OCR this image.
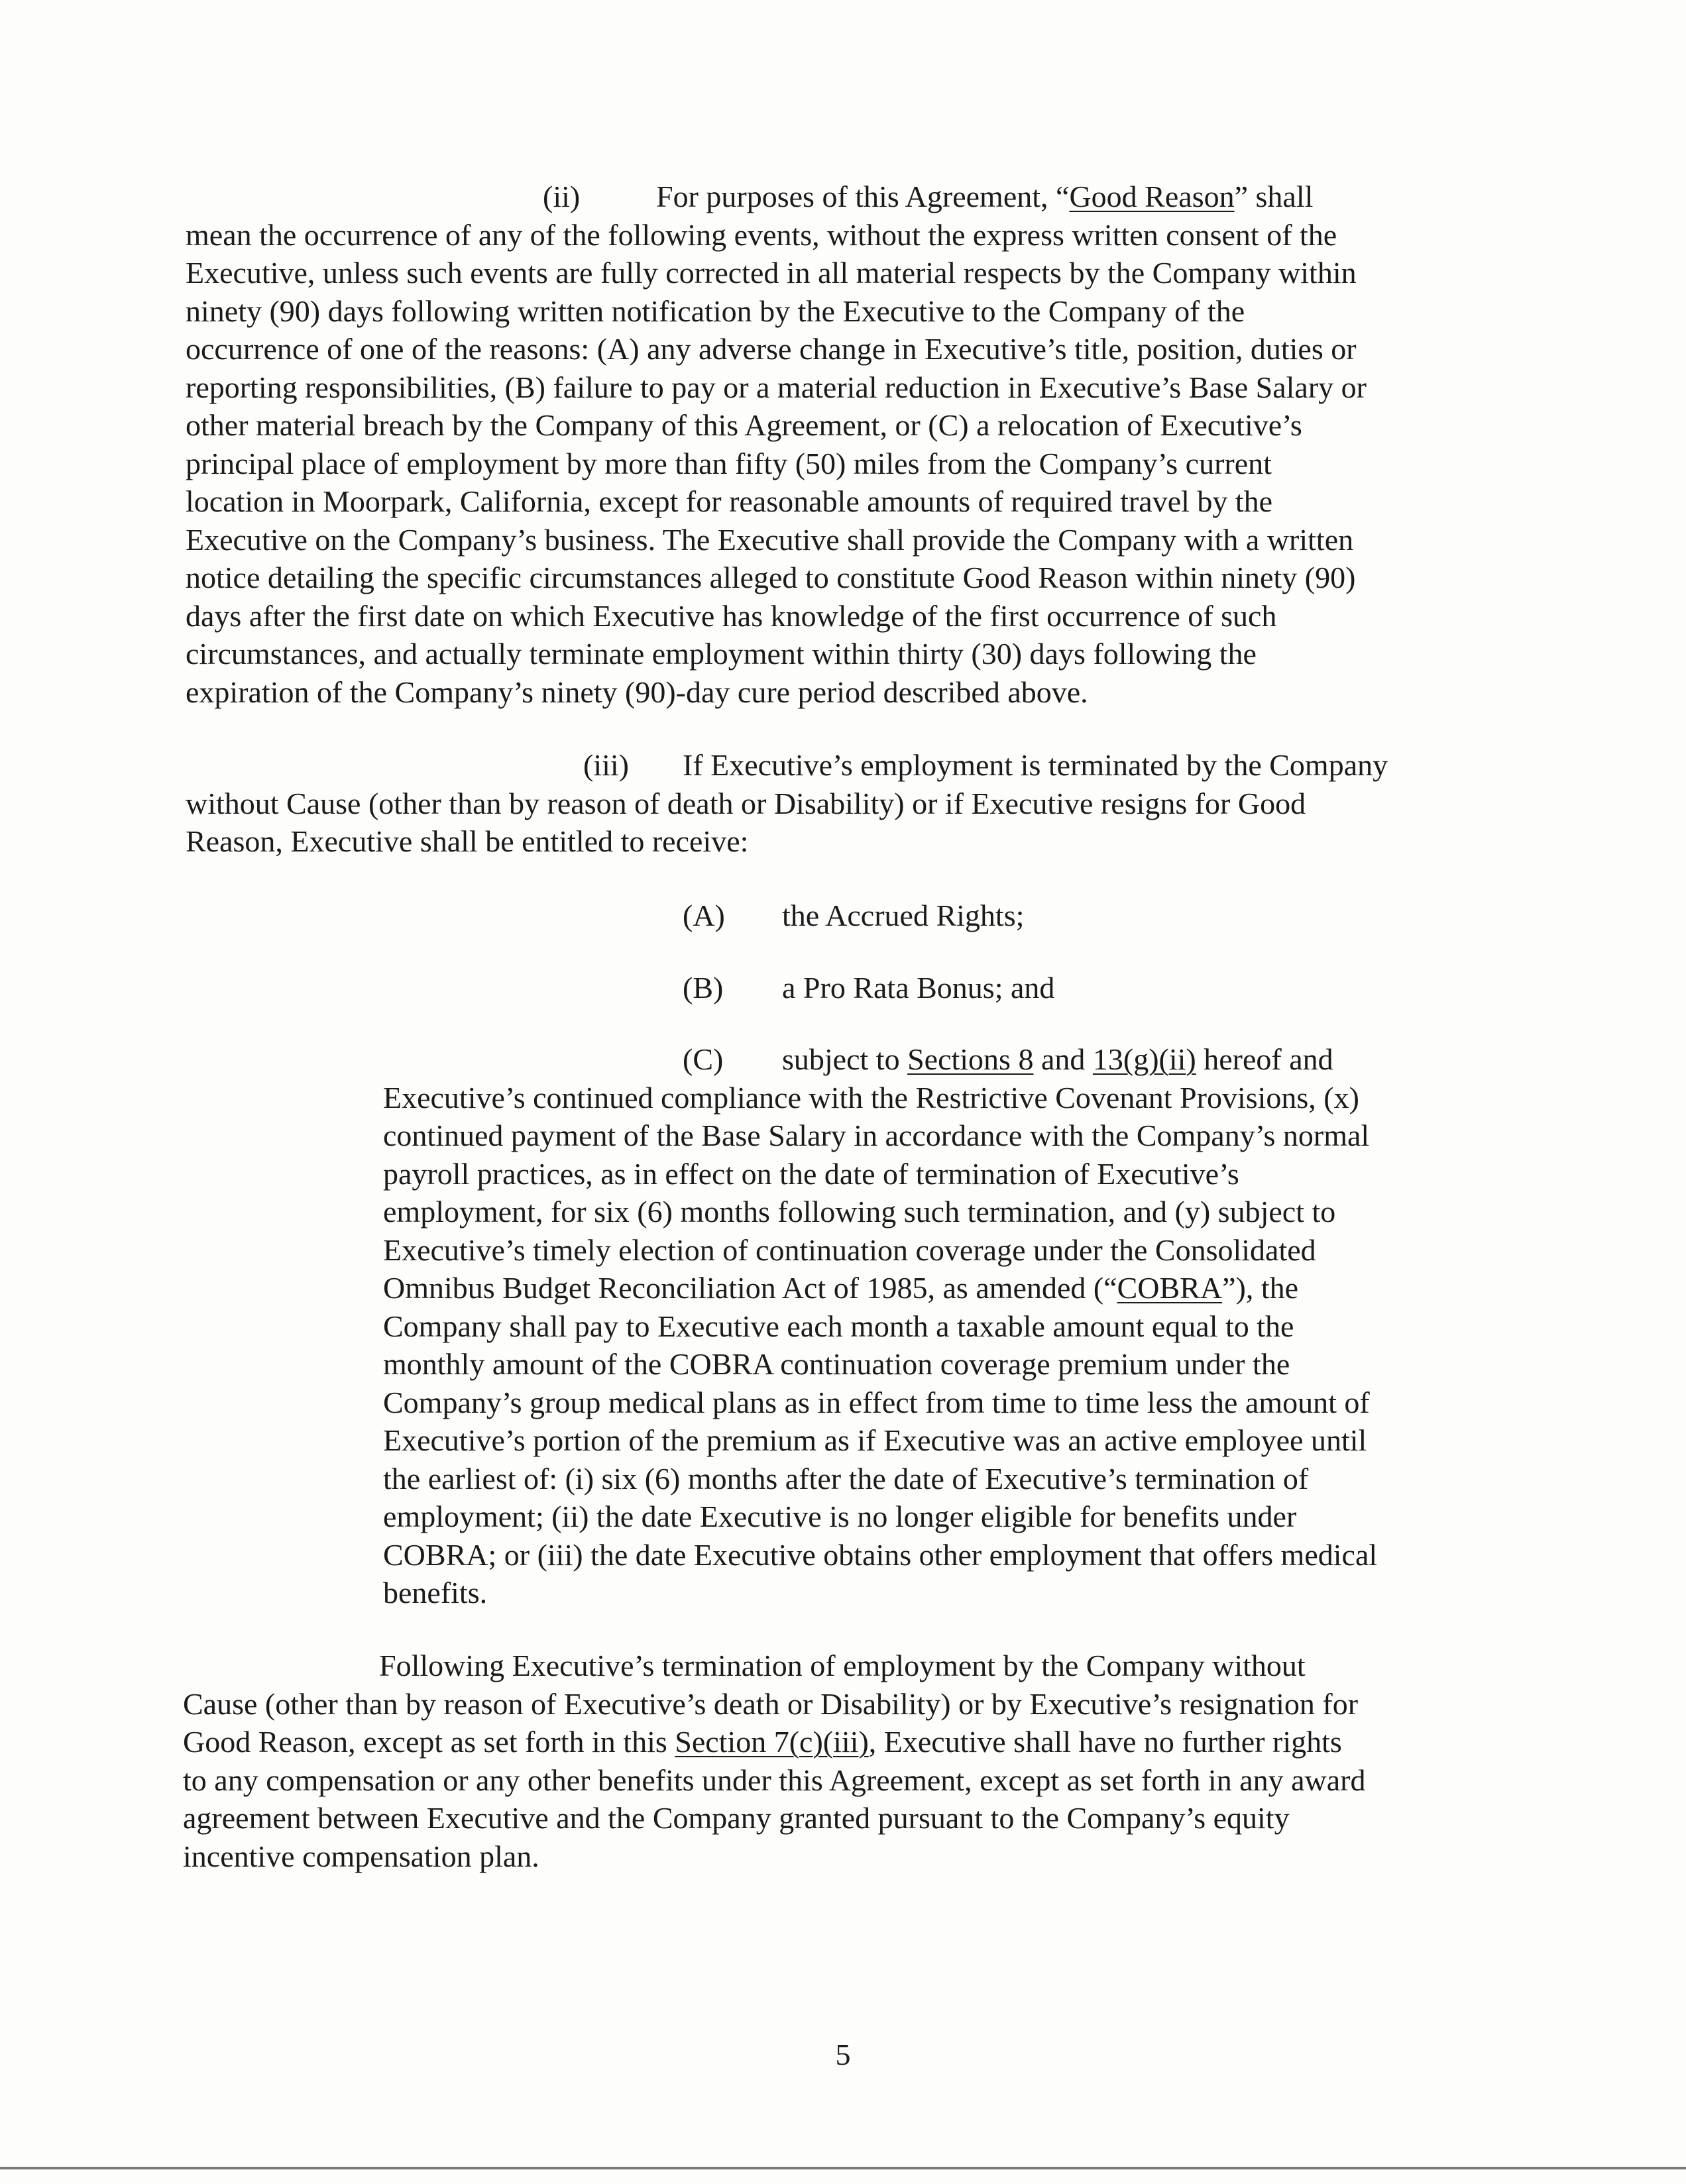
(ii) For purposes of this Agreement, “Good Reason” shall
mean the occurrence of any of the following events, without the express written consent of the
Executive, unless such events are fully corrected in all material respects by the Company within
ninety (90) days following written notification by the Executive to the Company of the
occurrence of one of the reasons: (A) any adverse change in Executive’s title, position, duties or
reporting responsibilities, (B) failure to pay or a material reduction in Executive’s Base Salary or
other material breach by the Company of this Agreement, or (C) a relocation of Executive’s
principal place of employment by more than fifty (50) miles from the Company’s current
location in Moorpark, California, except for reasonable amounts of required travel by the
Executive on the Company’s business. The Executive shall provide the Company with a written
notice detailing the specific circumstances alleged to constitute Good Reason within ninety (90)
days after the first date on which Executive has knowledge of the first occurrence of such
circumstances, and actually terminate employment within thirty (30) days following the
expiration of the Company’s ninety (90)-day cure period described above.
(iii) If Executive’s employment is terminated by the Company
without Cause (other than by reason of death or Disability) or if Executive resigns for Good
Reason, Executive shall be entitled to receive:
(A) the Accrued Rights;
(B) a Pro Rata Bonus; and
(C) subject to Sections 8 and 13(g)(ii) hereof and
Executive’s continued compliance with the Restrictive Covenant Provisions, (x)
continued payment of the Base Salary in accordance with the Company’s normal
payroll practices, as in effect on the date of termination of Executive’s
employment, for six (6) months following such termination, and (y) subject to
Executive’s timely election of continuation coverage under the Consolidated
Omnibus Budget Reconciliation Act of 1985, as amended (“COBRA”), the
Company shall pay to Executive each month a taxable amount equal to the
monthly amount of the COBRA continuation coverage premium under the
Company’s group medical plans as in effect from time to time less the amount of
Executive’s portion of the premium as if Executive was an active employee until
the earliest of: (i) six (6) months after the date of Executive’s termination of
employment; (ii) the date Executive is no longer eligible for benefits under
COBRA; or (iii) the date Executive obtains other employment that offers medical
benefits.
Following Executive’s termination of employment by the Company without
Cause (other than by reason of Executive’s death or Disability) or by Executive’s resignation for
Good Reason, except as set forth in this Section 7(c)(iii), Executive shall have no further rights
to any compensation or any other benefits under this Agreement, except as set forth in any award
agreement between Executive and the Company granted pursuant to the Company’s equity
incentive compensation plan.
5
